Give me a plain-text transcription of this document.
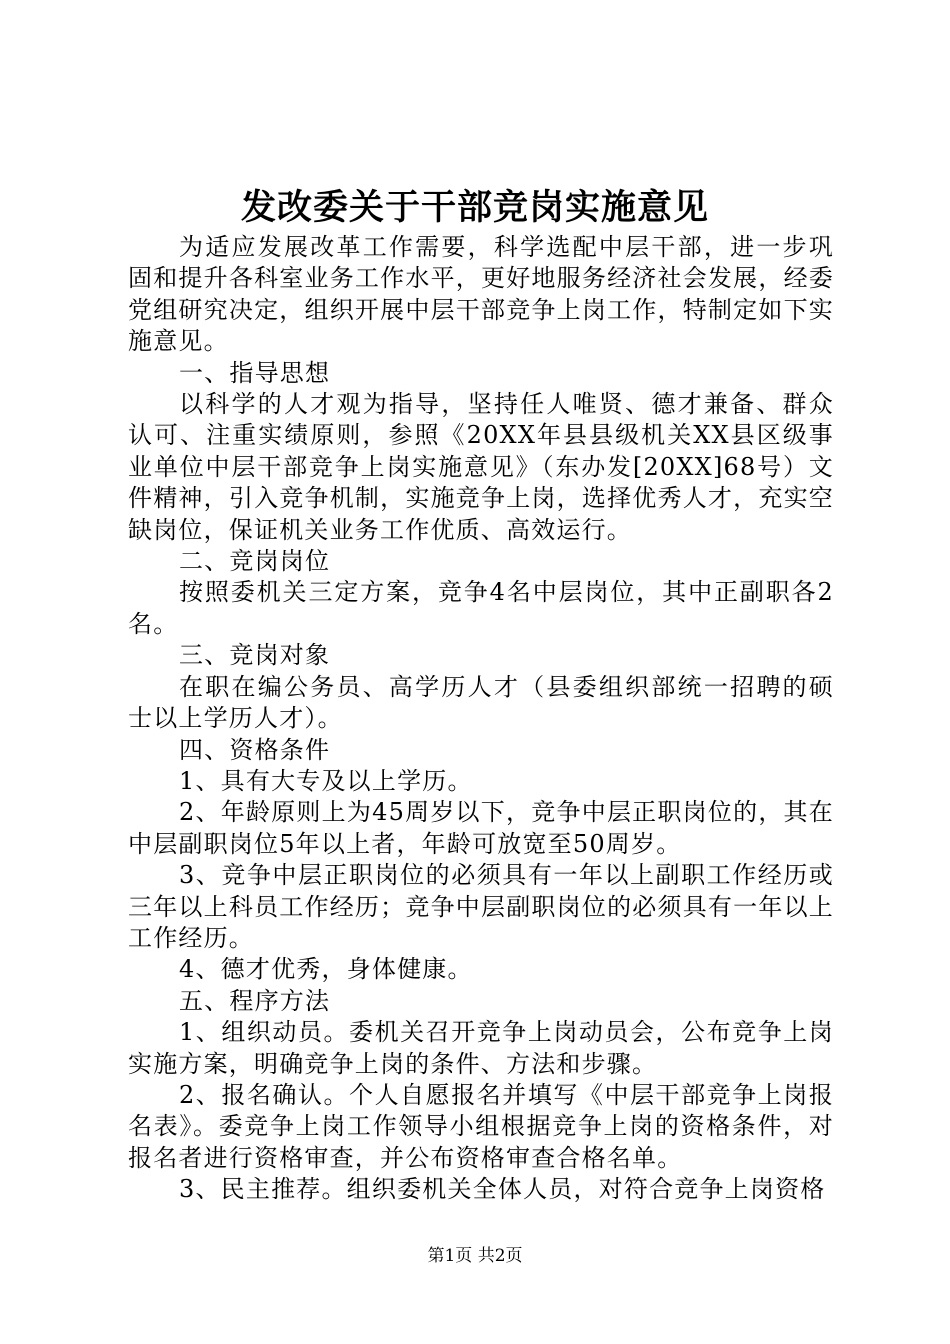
发改委关于干部竞岗实施意见

为适应发展改革工作需要，科学选配中层干部，进一步巩固和提升各科室业务工作水平，更好地服务经济社会发展，经委党组研究决定，组织开展中层干部竞争上岗工作，特制定如下实施意见。

一、指导思想

以科学的人才观为指导，坚持任人唯贤、德才兼备、群众认可、注重实绩原则，参照《20XX年县县级机关XX县区级事业单位中层干部竞争上岗实施意见》（东办发[20XX]68号）文件精神，引入竞争机制，实施竞争上岗，选择优秀人才，充实空缺岗位，保证机关业务工作优质、高效运行。

二、竞岗岗位

按照委机关三定方案，竞争4名中层岗位，其中正副职各2名。

三、竞岗对象

在职在编公务员、高学历人才（县委组织部统一招聘的硕士以上学历人才）。

四、资格条件

1、具有大专及以上学历。

2、年龄原则上为45周岁以下，竞争中层正职岗位的，其在中层副职岗位5年以上者，年龄可放宽至50周岁。

3、竞争中层正职岗位的必须具有一年以上副职工作经历或三年以上科员工作经历；竞争中层副职岗位的必须具有一年以上工作经历。

4、德才优秀，身体健康。

五、程序方法

1、组织动员。委机关召开竞争上岗动员会，公布竞争上岗实施方案，明确竞争上岗的条件、方法和步骤。

2、报名确认。个人自愿报名并填写《中层干部竞争上岗报名表》。委竞争上岗工作领导小组根据竞争上岗的资格条件，对报名者进行资格审查，并公布资格审查合格名单。

3、民主推荐。组织委机关全体人员，对符合竞争上岗资格

第1页 共2页
